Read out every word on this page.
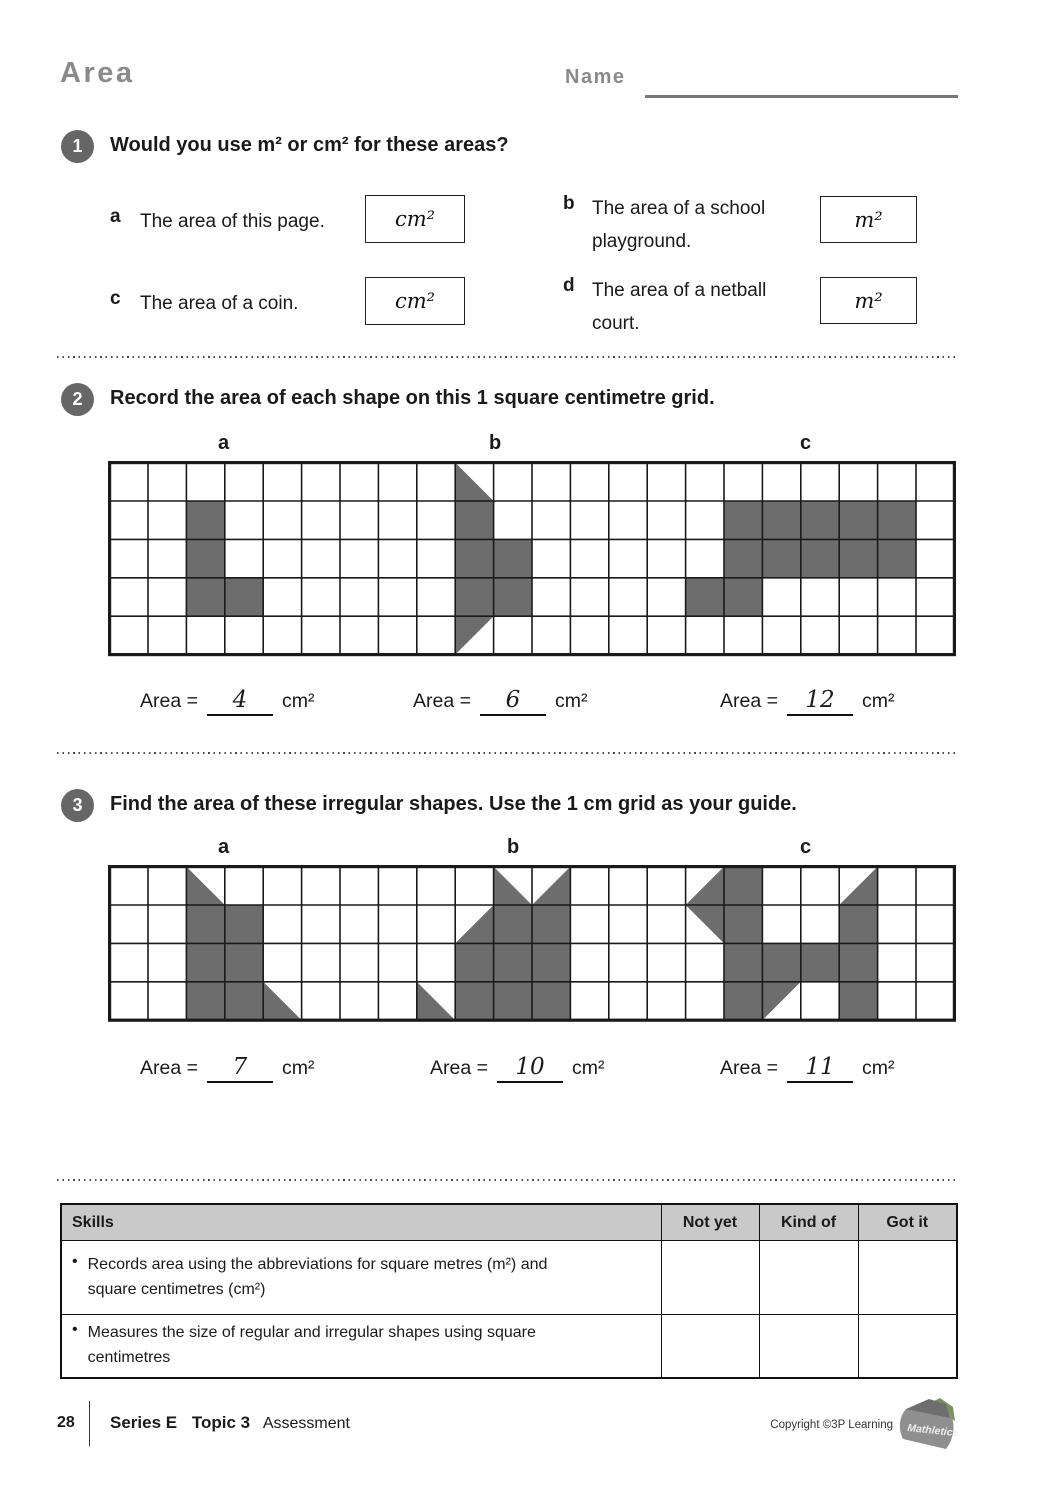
Area	Name
1	Would you use m² or cm² for these areas?
a The area of this page.	cm²
b The area of a school playground.
m²
c The area of a coin.	cm²
d The area of a netball court.
m²
2	Record the area of each shape on this 1 square centimetre grid.
a	b	c
Area =	4	cm²	Area =	6	cm²	Area =	12	cm²
3	Find the area of these irregular shapes. Use the 1 cm grid as your guide.
a	b	c
Area =	7	cm²	Area =	10	cm²	Area =	11	cm²
Skills	Not yet	Kind of	Got it

• Records area using the abbreviations for square metres (m²) and square centimetres (cm²)			

• Measures the size of regular and irregular shapes using square centimetres			

28 Series E Topic 3 Assessment	Copyright ©3P Learning Mathletics
